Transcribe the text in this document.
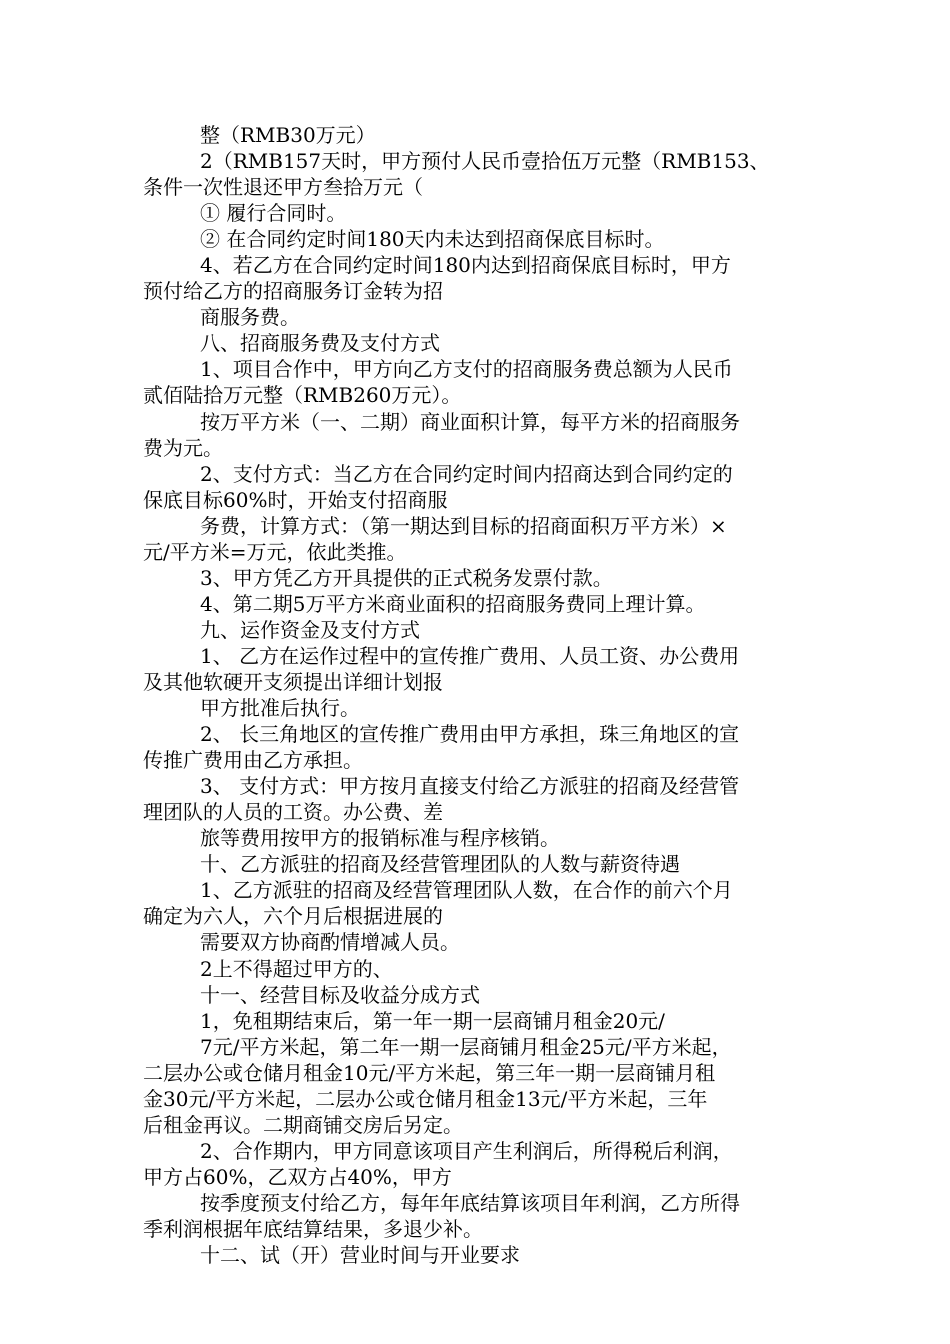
整（RMB30万元）

2（RMB157天时，甲方预付人民币壹拾伍万元整（RMB153、

条件一次性退还甲方叁拾万元（

① 履行合同时。

② 在合同约定时间180天内未达到招商保底目标时。

4、若乙方在合同约定时间180内达到招商保底目标时，甲方

预付给乙方的招商服务订金转为招

商服务费。

八、招商服务费及支付方式

1、项目合作中，甲方向乙方支付的招商服务费总额为人民币

贰佰陆拾万元整（RMB260万元）。

按万平方米（一、二期）商业面积计算，每平方米的招商服务

费为元。

2、支付方式：当乙方在合同约定时间内招商达到合同约定的

保底目标60%时，开始支付招商服

务费，计算方式：（第一期达到目标的招商面积万平方米）×

元/平方米=万元，依此类推。

3、甲方凭乙方开具提供的正式税务发票付款。

4、第二期5万平方米商业面积的招商服务费同上理计算。

九、运作资金及支付方式

1、 乙方在运作过程中的宣传推广费用、人员工资、办公费用

及其他软硬开支须提出详细计划报

甲方批准后执行。

2、 长三角地区的宣传推广费用由甲方承担，珠三角地区的宣

传推广费用由乙方承担。

3、 支付方式：甲方按月直接支付给乙方派驻的招商及经营管

理团队的人员的工资。办公费、差

旅等费用按甲方的报销标准与程序核销。

十、乙方派驻的招商及经营管理团队的人数与薪资待遇

1、乙方派驻的招商及经营管理团队人数，在合作的前六个月

确定为六人，六个月后根据进展的

需要双方协商酌情增减人员。

2上不得超过甲方的、

十一、经营目标及收益分成方式

1，免租期结束后，第一年一期一层商铺月租金20元/

7元/平方米起，第二年一期一层商铺月租金25元/平方米起，

二层办公或仓储月租金10元/平方米起，第三年一期一层商铺月租

金30元/平方米起，二层办公或仓储月租金13元/平方米起，三年

后租金再议。二期商铺交房后另定。

2、合作期内，甲方同意该项目产生利润后，所得税后利润，

甲方占60%，乙双方占40%，甲方

按季度预支付给乙方，每年年底结算该项目年利润，乙方所得

季利润根据年底结算结果，多退少补。

十二、试（开）营业时间与开业要求
